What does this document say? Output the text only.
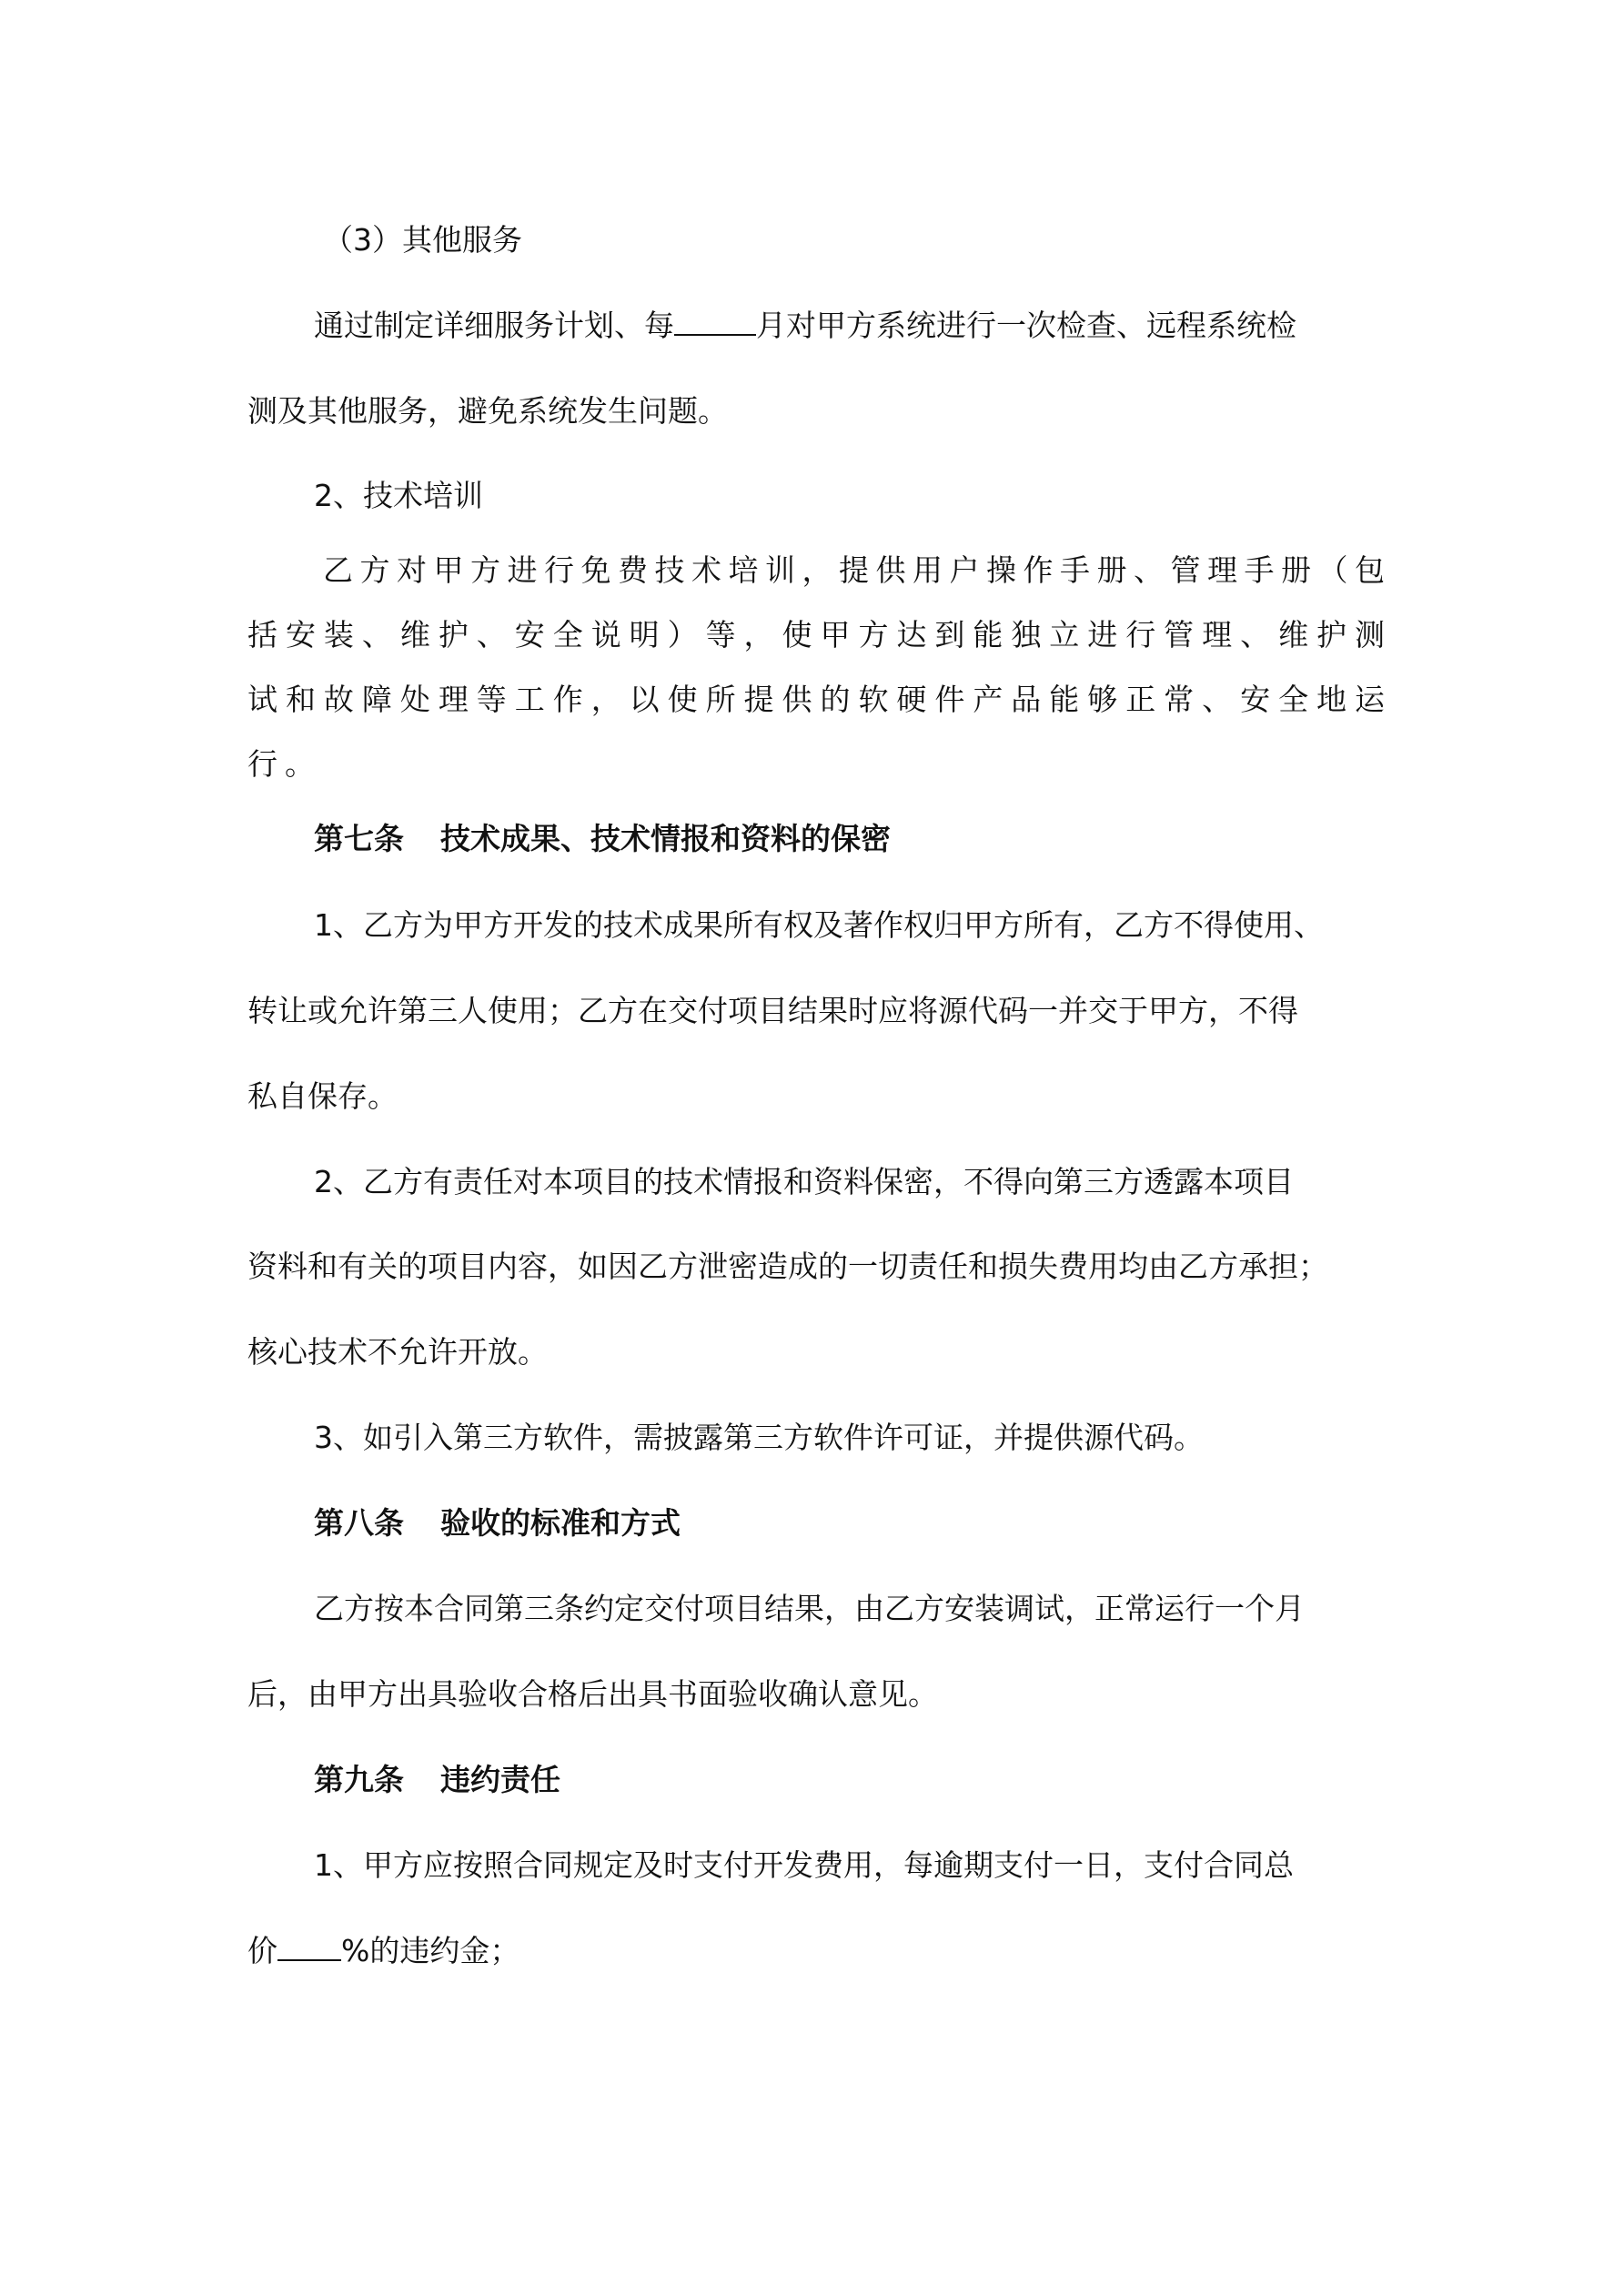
（3）其他服务
通过制定详细服务计划、每	月对甲方系统进行一次检查、远程系统检
测及其他服务，避免系统发生问题。
2、技术培训
乙方对甲方进行免费技术培训，提供用户操作手册、管理手册（包
括安装、维护、安全说明）等，使甲方达到能独立进行管理、维护测
试和故障处理等工作，以使所提供的软硬件产品能够正常、安全地运
行。
第七条 技术成果、技术情报和资料的保密
1、乙方为甲方开发的技术成果所有权及著作权归甲方所有，乙方不得使用、
转让或允许第三人使用；乙方在交付项目结果时应将源代码一并交于甲方，不得
私自保存。
2、乙方有责任对本项目的技术情报和资料保密，不得向第三方透露本项目
资料和有关的项目内容，如因乙方泄密造成的一切责任和损失费用均由乙方承担；
核心技术不允许开放。
3、如引入第三方软件，需披露第三方软件许可证，并提供源代码。
第八条 验收的标准和方式
乙方按本合同第三条约定交付项目结果，由乙方安装调试，正常运行一个月
后，由甲方出具验收合格后出具书面验收确认意见。
第九条 违约责任
1、甲方应按照合同规定及时支付开发费用，每逾期支付一日，支付合同总
价 %的违约金；
